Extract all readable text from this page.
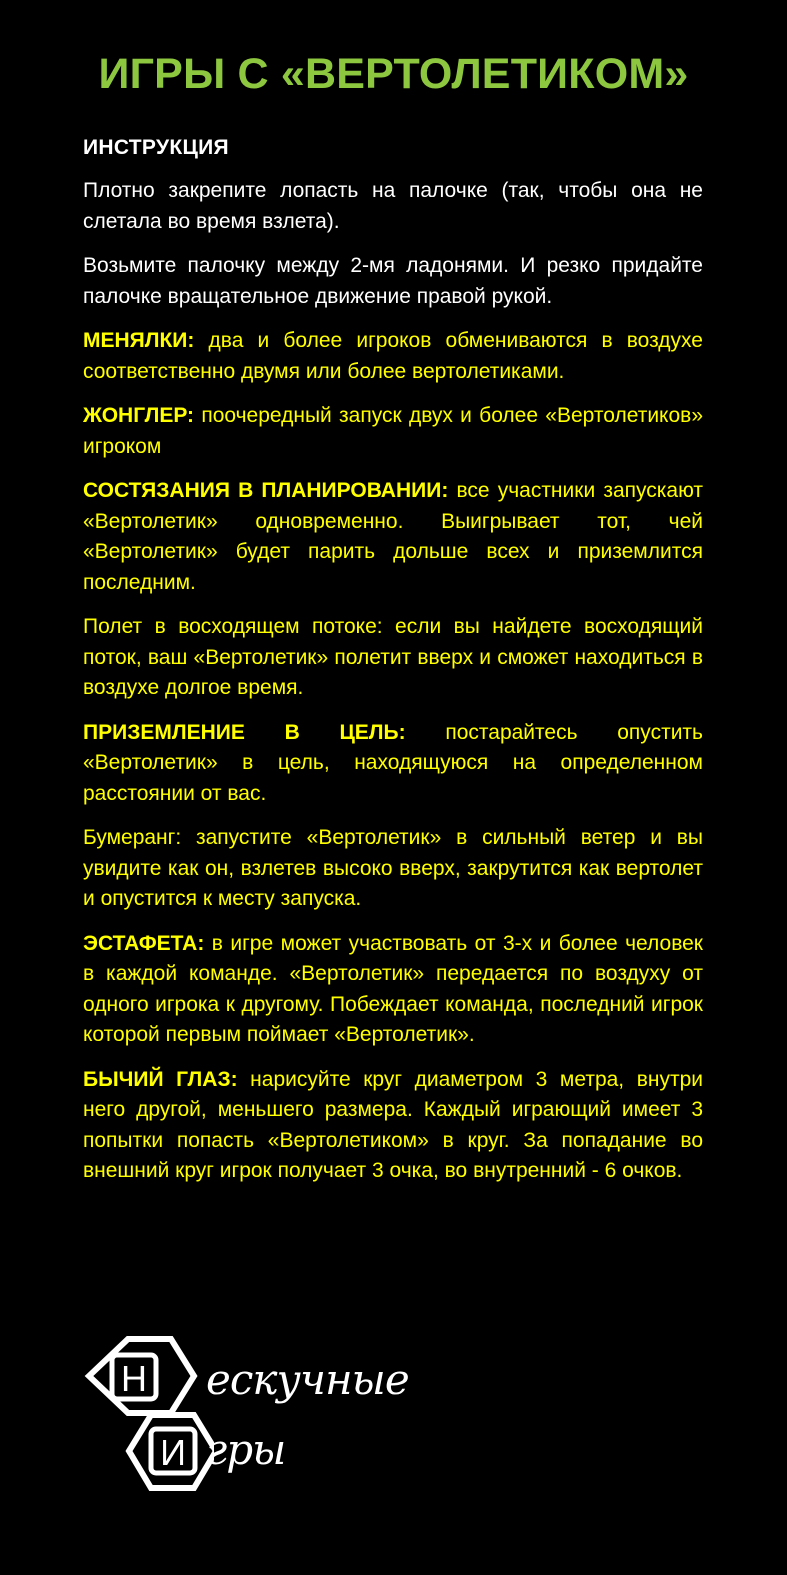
ИГРЫ С «ВЕРТОЛЕТИКОМ»

ИНСТРУКЦИЯ

Плотно закрепите лопасть на палочке (так, чтобы она не слетала во время взлета).

Возьмите палочку между 2-мя ладонями. И резко придайте палочке вращательное движение правой рукой.

МЕНЯЛКИ: два и более игроков обмениваются в воздухе соответственно двумя или более вертолетиками.

ЖОНГЛЕР: поочередный запуск двух и более «Вертолетиков» игроком

СОСТЯЗАНИЯ В ПЛАНИРОВАНИИ: все участники запускают «Вертолетик» одновременно. Выигрывает тот, чей «Вертолетик» будет парить дольше всех и приземлится последним.

Полет в восходящем потоке: если вы найдете восходящий поток, ваш «Вертолетик» полетит вверх и сможет находиться в воздухе долгое время.

ПРИЗЕМЛЕНИЕ В ЦЕЛЬ: постарайтесь опустить «Вертолетик» в цель, находящуюся на определенном расстоянии от вас.

Бумеранг: запустите «Вертолетик» в сильный ветер и вы увидите как он, взлетев высоко вверх, закрутится как вертолет и опустится к месту запуска.

ЭСТАФЕТА: в игре может участвовать от 3-х и более человек в каждой команде. «Вертолетик» передается по воздуху от одного игрока к другому. Побеждает команда, последний игрок которой первым поймает «Вертолетик».

БЫЧИЙ ГЛАЗ: нарисуйте круг диаметром 3 метра, внутри него другой, меньшего размера. Каждый играющий имеет 3 попытки попасть «Вертолетиком» в круг. За попадание во внешний круг игрок получает 3 очка, во внутренний - 6 очков.

Н
И
ескучные
гры
